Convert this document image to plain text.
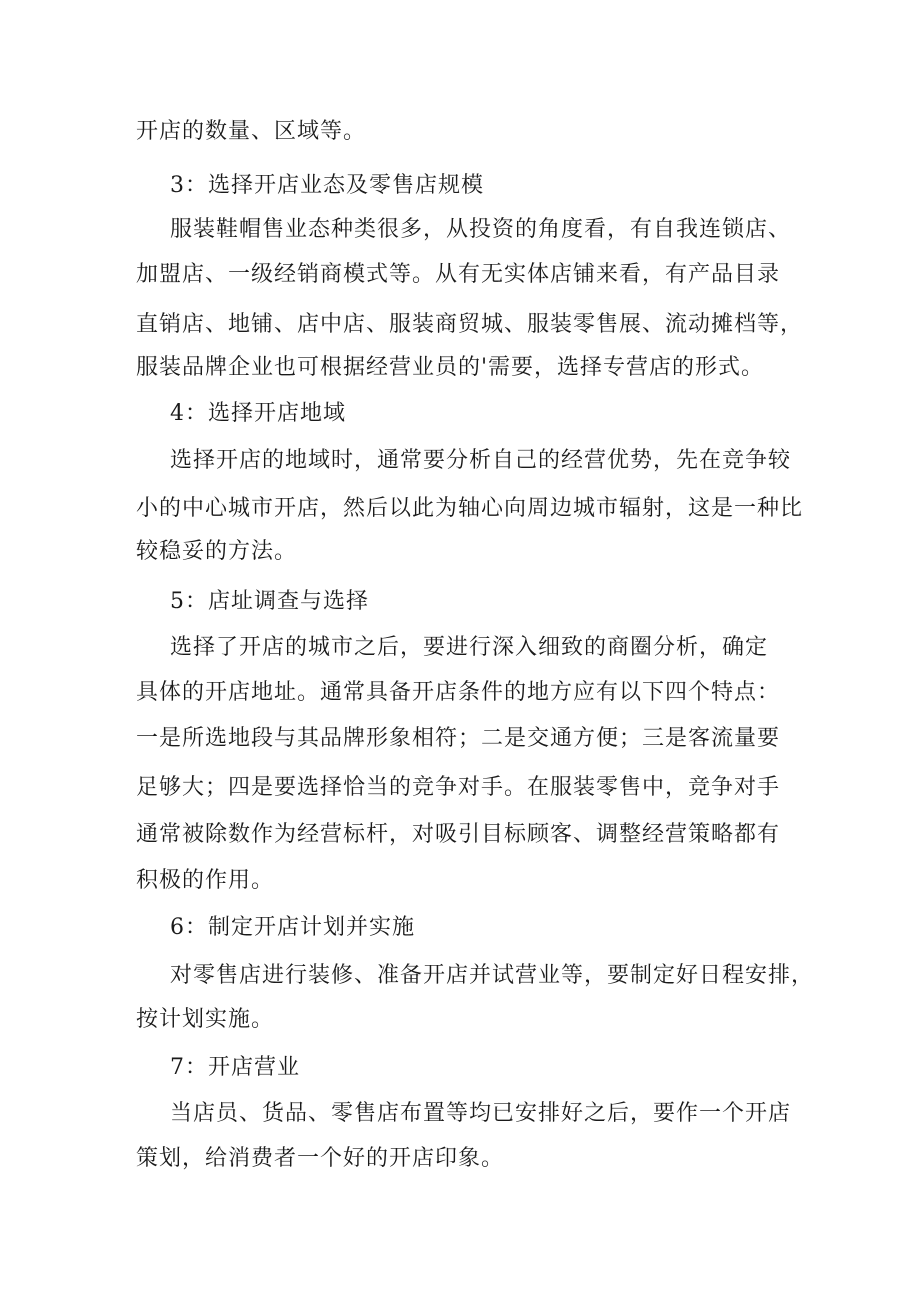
开店的数量、区域等。
3：选择开店业态及零售店规模
服装鞋帽售业态种类很多，从投资的角度看，有自我连锁店、
加盟店、一级经销商模式等。从有无实体店铺来看，有产品目录
直销店、地铺、店中店、服装商贸城、服装零售展、流动摊档等，
服装品牌企业也可根据经营业员的'需要，选择专营店的形式。
4：选择开店地域
选择开店的地域时，通常要分析自己的经营优势，先在竞争较
小的中心城市开店，然后以此为轴心向周边城市辐射，这是一种比
较稳妥的方法。
5：店址调查与选择
选择了开店的城市之后，要进行深入细致的商圈分析，确定
具体的开店地址。通常具备开店条件的地方应有以下四个特点：
一是所选地段与其品牌形象相符；二是交通方便；三是客流量要
足够大；四是要选择恰当的竞争对手。在服装零售中，竞争对手
通常被除数作为经营标杆，对吸引目标顾客、调整经营策略都有
积极的作用。
6：制定开店计划并实施
对零售店进行装修、准备开店并试营业等，要制定好日程安排，
按计划实施。
7：开店营业
当店员、货品、零售店布置等均已安排好之后，要作一个开店
策划，给消费者一个好的开店印象。
